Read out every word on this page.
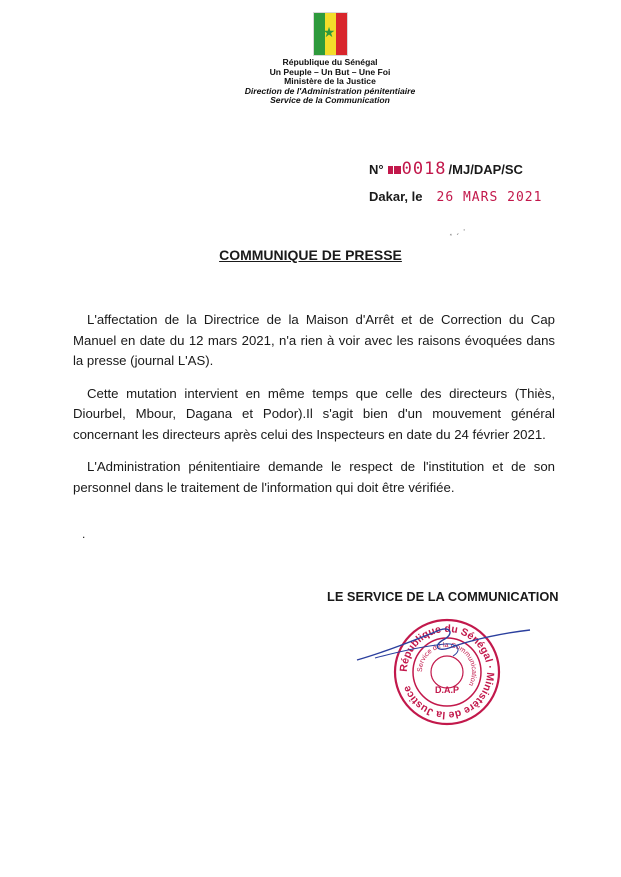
★
République du Sénégal
Un Peuple – Un But – Une Foi
Ministère de la Justice
Direction de l'Administration pénitentiaire
Service de la Communication
N°	0018 /MJ/DAP/SC
Dakar, le 26 MARS 2021
⸼ ˏ ·
COMMUNIQUE DE PRESSE

L'affectation de la Directrice de la Maison d'Arrêt et de Correction du Cap Manuel en date du 12 mars 2021, n'a rien à voir avec les raisons évoquées dans la presse (journal L'AS).

Cette mutation intervient en même temps que celle des directeurs (Thiès, Diourbel, Mbour, Dagana et Podor).Il s'agit bien d'un mouvement général concernant les directeurs après celui des Inspecteurs en date du 24 février 2021.

L'Administration pénitentiaire demande le respect de l'institution et de son personnel dans le traitement de l'information qui doit être vérifiée.

.
LE SERVICE DE LA COMMUNICATION
République du Sénégal · Ministère de la Justice
Service de la Communication
D.A.P
